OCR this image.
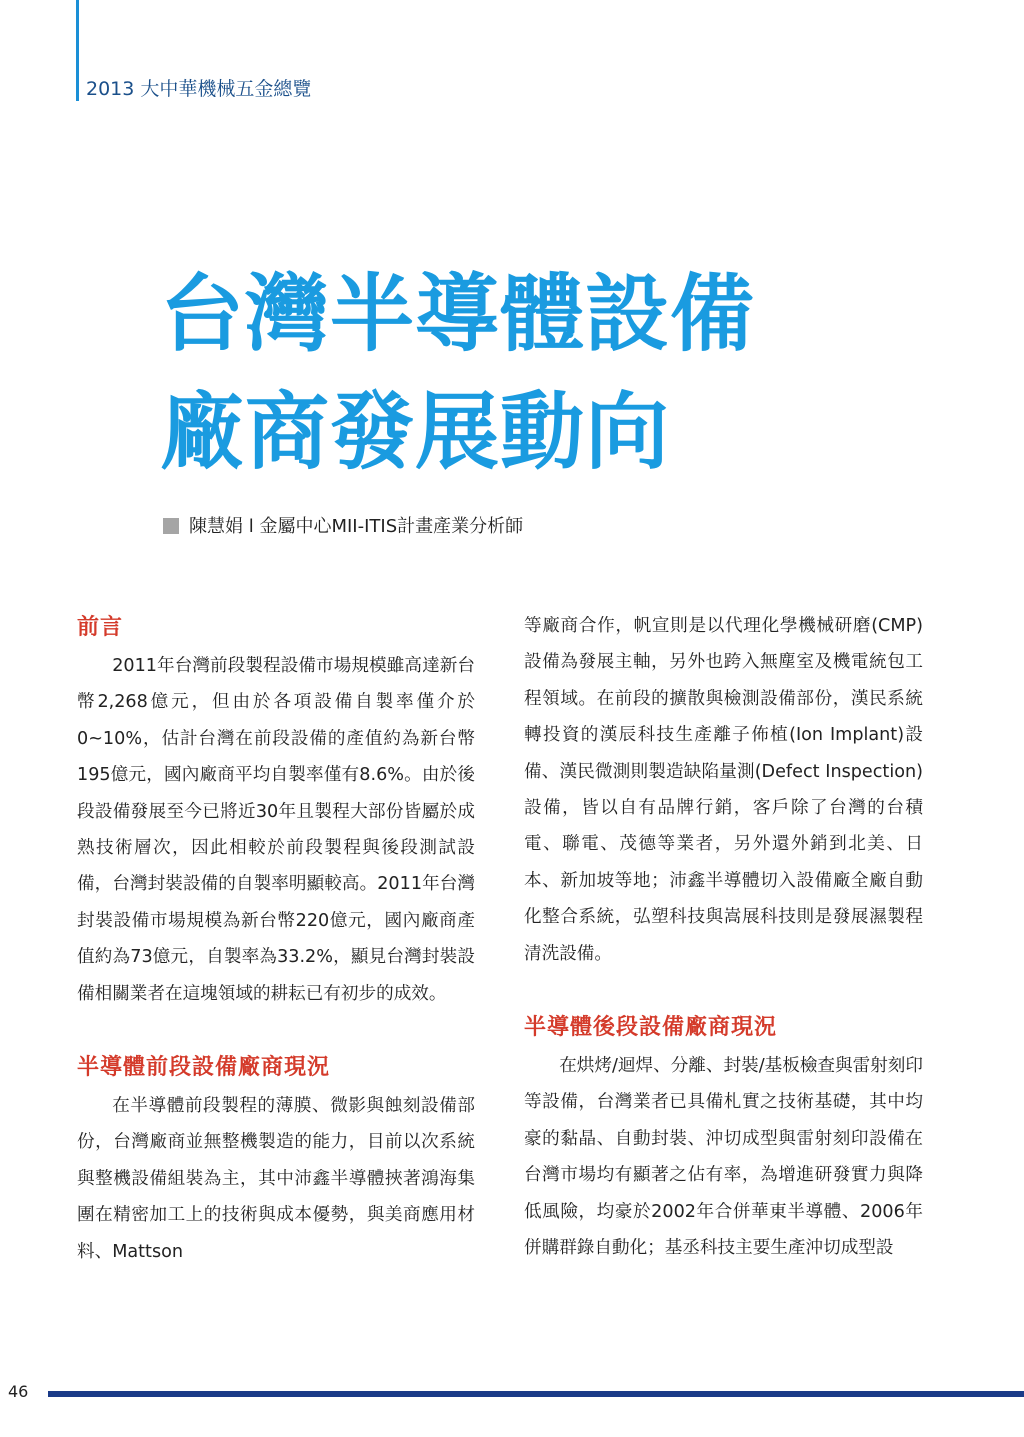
2013 大中華機械五金總覽
台灣半導體設備
廠商發展動向
陳慧娟 l 金屬中心MII-ITIS計畫產業分析師
前言

2011年台灣前段製程設備市場規模雖高達新台幣2,268億元，但由於各項設備自製率僅介於0~10%，估計台灣在前段設備的產值約為新台幣195億元，國內廠商平均自製率僅有8.6%。由於後段設備發展至今已將近30年且製程大部份皆屬於成熟技術層次，因此相較於前段製程與後段測試設備，台灣封裝設備的自製率明顯較高。2011年台灣封裝設備市場規模為新台幣220億元，國內廠商產值約為73億元，自製率為33.2%，顯見台灣封裝設備相關業者在這塊領域的耕耘已有初步的成效。

半導體前段設備廠商現況

在半導體前段製程的薄膜、微影與蝕刻設備部份，台灣廠商並無整機製造的能力，目前以次系統與整機設備組裝為主，其中沛鑫半導體挾著鴻海集團在精密加工上的技術與成本優勢，與美商應用材料、Mattson

等廠商合作，帆宣則是以代理化學機械研磨(CMP)設備為發展主軸，另外也跨入無塵室及機電統包工程領域。在前段的擴散與檢測設備部份，漢民系統轉投資的漢辰科技生產離子佈植(Ion Implant)設備、漢民微測則製造缺陷量測(Defect Inspection)設備，皆以自有品牌行銷，客戶除了台灣的台積電、聯電、茂德等業者，另外還外銷到北美、日本、新加坡等地；沛鑫半導體切入設備廠全廠自動化整合系統，弘塑科技與嵩展科技則是發展濕製程清洗設備。

半導體後段設備廠商現況

在烘烤/迴焊、分離、封裝/基板檢查與雷射刻印等設備，台灣業者已具備札實之技術基礎，其中均豪的黏晶、自動封裝、沖切成型與雷射刻印設備在台灣市場均有顯著之佔有率，為增進研發實力與降低風險，均豪於2002年合併華東半導體、2006年併購群錄自動化；基丞科技主要生產沖切成型設

46
